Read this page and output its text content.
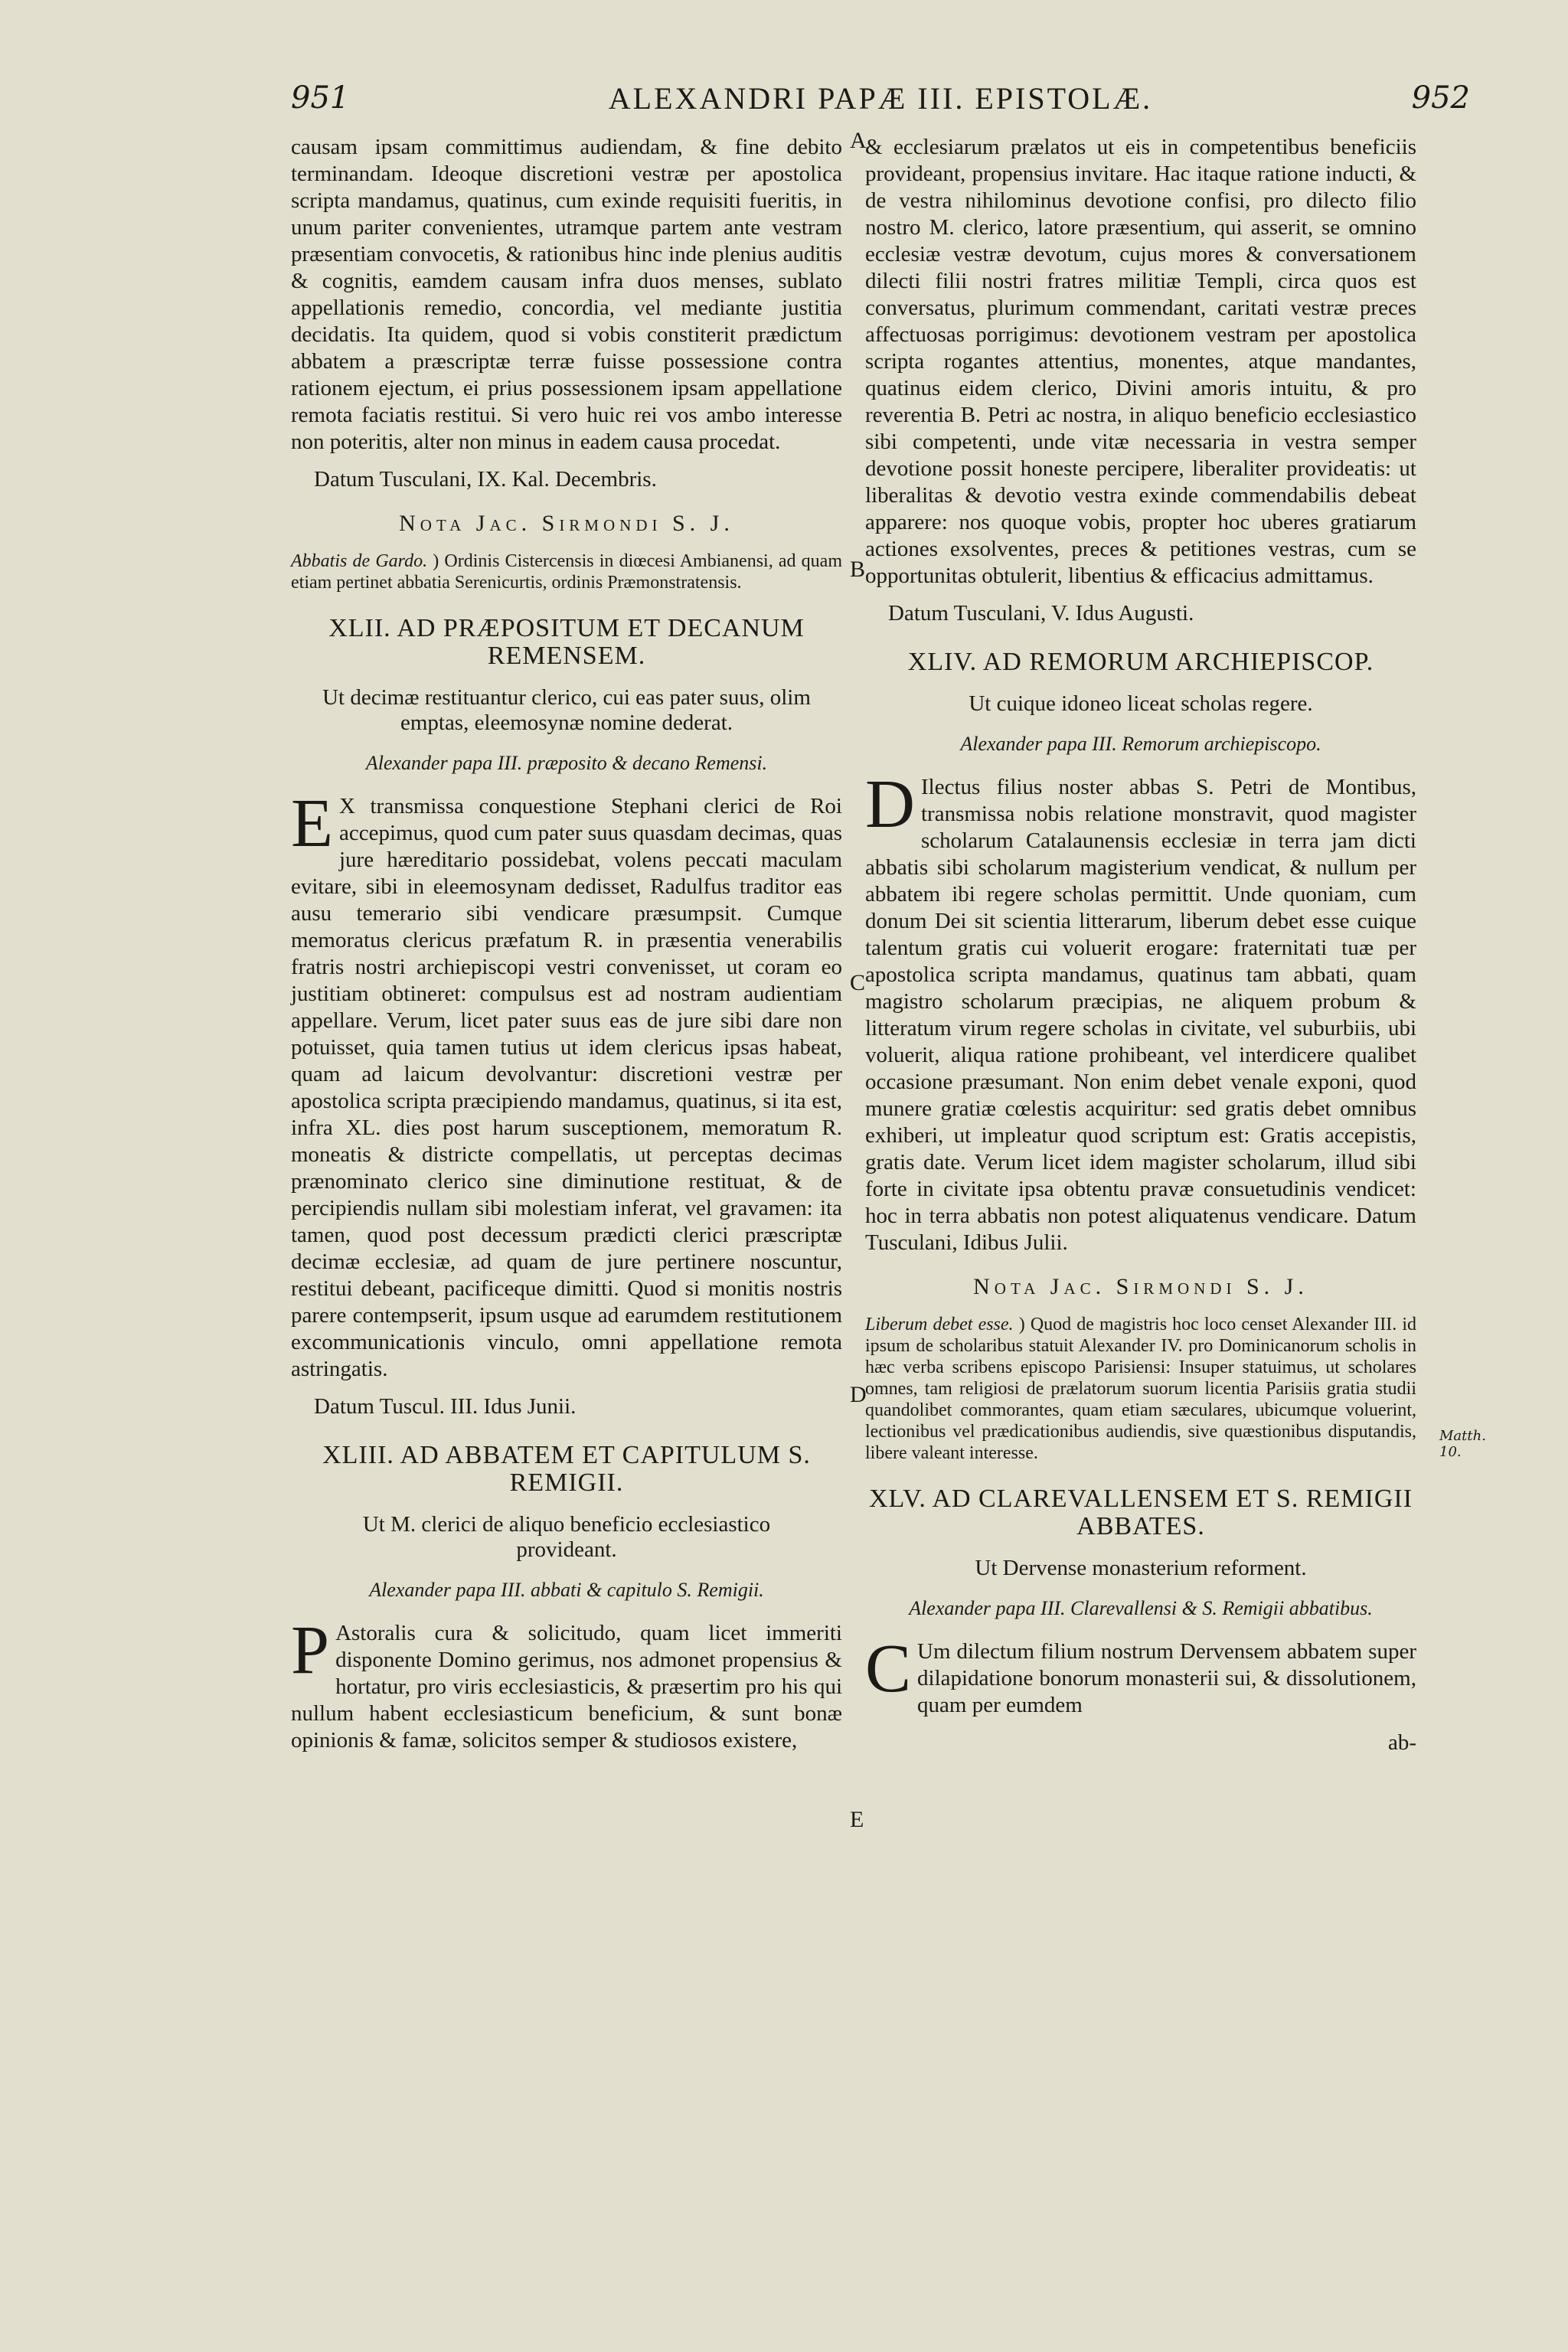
951	ALEXANDRI PAPÆ III. EPISTOLÆ.	952
A
B
C
D
E
Matth. 10.

causam ipsam committimus audiendam, & fine debito terminandam. Ideoque discretioni vestræ per apostolica scripta mandamus, quatinus, cum exinde requisiti fueritis, in unum pariter convenientes, utramque partem ante vestram præsentiam convocetis, & rationibus hinc inde plenius auditis & cognitis, eamdem causam infra duos menses, sublato appellationis remedio, concordia, vel mediante justitia decidatis. Ita quidem, quod si vobis constiterit prædictum abbatem a præscriptæ terræ fuisse possessione contra rationem ejectum, ei prius possessionem ipsam appellatione remota faciatis restitui. Si vero huic rei vos ambo interesse non poteritis, alter non minus in eadem causa procedat.

Datum Tusculani, IX. Kal. Decembris.

Nota Jac. Sirmondi S. J.

Abbatis de Gardo. ) Ordinis Cistercensis in diœcesi Ambianensi, ad quam etiam pertinet abbatia Serenicurtis, ordinis Præmonstratensis.

XLII. AD PRÆPOSITUM ET DECANUM REMENSEM.
Ut decimæ restituantur clerico, cui eas pater suus, olim emptas, eleemosynæ nomine dederat.
Alexander papa III. præposito & decano Remensi.

E X transmissa conquestione Stephani clerici de Roi accepimus, quod cum pater suus quasdam decimas, quas jure hæreditario possidebat, volens peccati maculam evitare, sibi in eleemosynam dedisset, Radulfus traditor eas ausu temerario sibi vendicare præsumpsit. Cumque memoratus clericus præfatum R. in præsentia venerabilis fratris nostri archiepiscopi vestri convenisset, ut coram eo justitiam obtineret: compulsus est ad nostram audientiam appellare. Verum, licet pater suus eas de jure sibi dare non potuisset, quia tamen tutius ut idem clericus ipsas habeat, quam ad laicum devolvantur: discretioni vestræ per apostolica scripta præcipiendo mandamus, quatinus, si ita est, infra XL. dies post harum susceptionem, memoratum R. moneatis & districte compellatis, ut perceptas decimas prænominato clerico sine diminutione restituat, & de percipiendis nullam sibi molestiam inferat, vel gravamen: ita tamen, quod post decessum prædicti clerici præscriptæ decimæ ecclesiæ, ad quam de jure pertinere noscuntur, restitui debeant, pacificeque dimitti. Quod si monitis nostris parere contempserit, ipsum usque ad earumdem restitutionem excommunicationis vinculo, omni appellatione remota astringatis.

Datum Tuscul. III. Idus Junii.

XLIII. AD ABBATEM ET CAPITULUM S. REMIGII.
Ut M. clerici de aliquo beneficio ecclesiastico provideant.
Alexander papa III. abbati & capitulo S. Remigii.

P Astoralis cura & solicitudo, quam licet immeriti disponente Domino gerimus, nos admonet propensius & hortatur, pro viris ecclesiasticis, & præsertim pro his qui nullum habent ecclesiasticum beneficium, & sunt bonæ opinionis & famæ, solicitos semper & studiosos existere,

& ecclesiarum prælatos ut eis in competentibus beneficiis provideant, propensius invitare. Hac itaque ratione inducti, & de vestra nihilominus devotione confisi, pro dilecto filio nostro M. clerico, latore præsentium, qui asserit, se omnino ecclesiæ vestræ devotum, cujus mores & conversationem dilecti filii nostri fratres militiæ Templi, circa quos est conversatus, plurimum commendant, caritati vestræ preces affectuosas porrigimus: devotionem vestram per apostolica scripta rogantes attentius, monentes, atque mandantes, quatinus eidem clerico, Divini amoris intuitu, & pro reverentia B. Petri ac nostra, in aliquo beneficio ecclesiastico sibi competenti, unde vitæ necessaria in vestra semper devotione possit honeste percipere, liberaliter provideatis: ut liberalitas & devotio vestra exinde commendabilis debeat apparere: nos quoque vobis, propter hoc uberes gratiarum actiones exsolventes, preces & petitiones vestras, cum se opportunitas obtulerit, libentius & efficacius admittamus.

Datum Tusculani, V. Idus Augusti.

XLIV. AD REMORUM ARCHIEPISCOP.
Ut cuique idoneo liceat scholas regere.
Alexander papa III. Remorum archiepiscopo.

D Ilectus filius noster abbas S. Petri de Montibus, transmissa nobis relatione monstravit, quod magister scholarum Catalaunensis ecclesiæ in terra jam dicti abbatis sibi scholarum magisterium vendicat, & nullum per abbatem ibi regere scholas permittit. Unde quoniam, cum donum Dei sit scientia litterarum, liberum debet esse cuique talentum gratis cui voluerit erogare: fraternitati tuæ per apostolica scripta mandamus, quatinus tam abbati, quam magistro scholarum præcipias, ne aliquem probum & litteratum virum regere scholas in civitate, vel suburbiis, ubi voluerit, aliqua ratione prohibeant, vel interdicere qualibet occasione præsumant. Non enim debet venale exponi, quod munere gratiæ cœlestis acquiritur: sed gratis debet omnibus exhiberi, ut impleatur quod scriptum est: Gratis accepistis, gratis date. Verum licet idem magister scholarum, illud sibi forte in civitate ipsa obtentu pravæ consuetudinis vendicet: hoc in terra abbatis non potest aliquatenus vendicare. Datum Tusculani, Idibus Julii.

Nota Jac. Sirmondi S. J.

Liberum debet esse. ) Quod de magistris hoc loco censet Alexander III. id ipsum de scholaribus statuit Alexander IV. pro Dominicanorum scholis in hæc verba scribens episcopo Parisiensi: Insuper statuimus, ut scholares omnes, tam religiosi de prælatorum suorum licentia Parisiis gratia studii quandolibet commorantes, quam etiam sæculares, ubicumque voluerint, lectionibus vel prædicationibus audiendis, sive quæstionibus disputandis, libere valeant interesse.

XLV. AD CLAREVALLENSEM ET S. REMIGII ABBATES.
Ut Dervense monasterium reforment.
Alexander papa III. Clarevallensi & S. Remigii abbatibus.

C Um dilectum filium nostrum Dervensem abbatem super dilapidatione bonorum monasterii sui, & dissolutionem, quam per eumdem

ab-
